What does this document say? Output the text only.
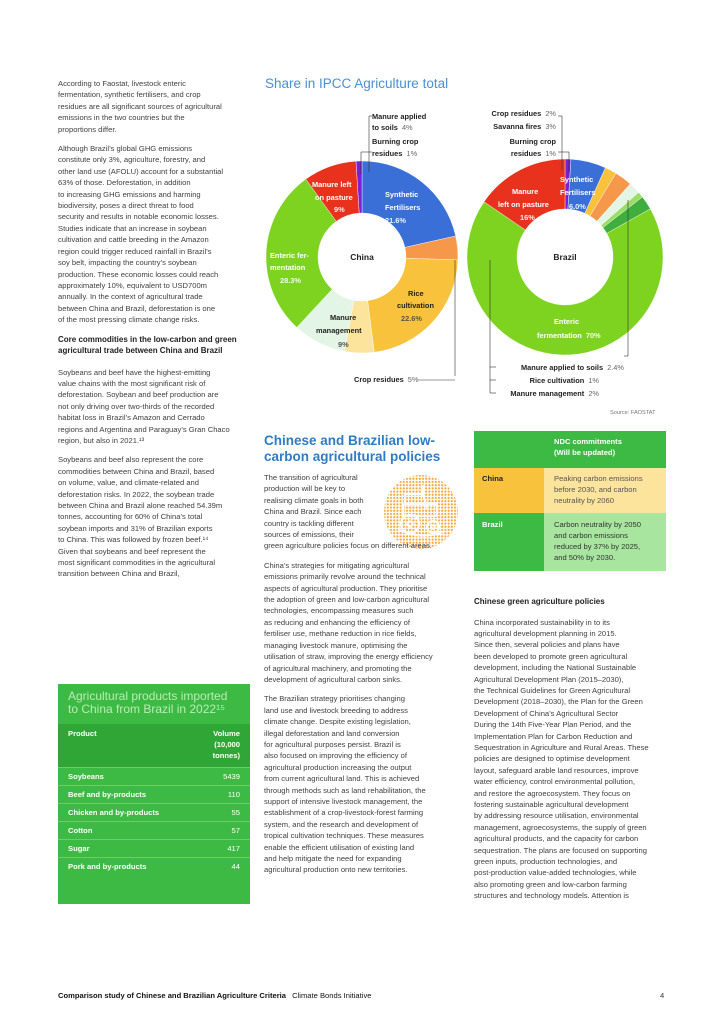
According to Faostat, livestock enteric
fermentation, synthetic fertilisers, and crop
residues are all significant sources of agricultural
emissions in the two countries but the
proportions differ.
Although Brazil’s global GHG emissions
constitute only 3%, agriculture, forestry, and
other land use (AFOLU) account for a substantial
63% of those. Deforestation, in addition
to increasing GHG emissions and harming
biodiversity, poses a direct threat to food
security and results in notable economic losses.
Studies indicate that an increase in soybean
cultivation and cattle breeding in the Amazon
region could trigger reduced rainfall in Brazil’s
soy belt, impacting the country’s soybean
production. These economic losses could reach
approximately 10%, equivalent to USD700m
annually. In the context of agricultural trade
between China and Brazil, deforestation is one
of the most pressing climate change risks.
Core commodities in the low-carbon and green
agricultural trade between China and Brazil
Soybeans and beef have the highest-emitting
value chains with the most significant risk of
deforestation. Soybean and beef production are
not only driving over two-thirds of the recorded
habitat loss in Brazil’s Amazon and Cerrado
regions and Argentina and Paraguay’s Gran Chaco
region, but also in 2021.¹³
Soybeans and beef also represent the core
commodities between China and Brazil, based
on volume, value, and climate-related and
deforestation risks. In 2022, the soybean trade
between China and Brazil alone reached 54.39m
tonnes, accounting for 60% of China’s total
soybean imports and 31% of Brazilian exports
to China. This was followed by frozen beef.¹⁴
Given that soybeans and beef represent the
most significant commodities in the agricultural
transition between China and Brazil,
Agricultural products imported
to China from Brazil in 2022¹⁵
Product	Volume
(10,000
tonnes)

Soybeans	5439
Beef and by-products	110
Chicken and by-products	55
Cotton	57
Sugar	417
Pork and by-products	44
Share in IPCC Agriculture total
China	Brazil
Manure applied to soils 4%
Burning crop residues 1%
Crop residues 5%
Manure left on pasture 9%
Synthetic Fertilisers 21.6%
Enteric fer- mentation 28.3%
Rice cultivation 22.6%
Manure management 9%
Crop residues 2%
Savanna fires 3%
Burning crop
residues 1%
Manure applied to soils 2.4%
Rice cultivation 1%
Manure management 2%
Manure left on pasture 16%
Synthetic Fertilisers 6.0%
Enteric fermentation 70%
Source: FAOSTAT
Chinese and Brazilian low-
carbon agricultural policies
The transition of agricultural
production will be key to
realising climate goals in both
China and Brazil. Since each
country is tackling different
sources of emissions, their
green agriculture policies focus on different areas.
China’s strategies for mitigating agricultural
emissions primarily revolve around the technical
aspects of agricultural production. They prioritise
the adoption of green and low-carbon agricultural
technologies, encompassing measures such
as reducing and enhancing the efficiency of
fertiliser use, methane reduction in rice fields,
managing livestock manure, optimising the
utilisation of straw, improving the energy efficiency
of agricultural machinery, and promoting the
development of agricultural carbon sinks.
The Brazilian strategy prioritises changing
land use and livestock breeding to address
climate change. Despite existing legislation,
illegal deforestation and land conversion
for agricultural purposes persist. Brazil is
also focused on improving the efficiency of
agricultural production increasing the output
from current agricultural land. This is achieved
through methods such as land rehabilitation, the
support of intensive livestock management, the
establishment of a crop-livestock-forest farming
system, and the research and development of
tropical cultivation techniques. These measures
enable the efficient utilisation of existing land
and help mitigate the need for expanding
agricultural production onto new territories.

	NDC commitments
(Will be updated)

China	Peaking carbon emissions
before 2030, and carbon
neutrality by 2060

Brazil	Carbon neutrality by 2050
and carbon emissions
reduced by 37% by 2025,
and 50% by 2030.
Chinese green agriculture policies
China incorporated sustainability in to its
agricultural development planning in 2015.
Since then, several policies and plans have
been developed to promote green agricultural
development, including the National Sustainable
Agricultural Development Plan (2015–2030),
the Technical Guidelines for Green Agricultural
Development (2018–2030), the Plan for the Green
Development of China’s Agricultural Sector
During the 14th Five-Year Plan Period, and the
Implementation Plan for Carbon Reduction and
Sequestration in Agriculture and Rural Areas. These
policies are designed to optimise development
layout, safeguard arable land resources, improve
water efficiency, control environmental pollution,
and restore the agroecosystem. They focus on
fostering sustainable agricultural development
by addressing resource utilisation, environmental
management, agroecosystems, the supply of green
agricultural products, and the capacity for carbon
sequestration. The plans are focused on supporting
green inputs, production technologies, and
post-production value-added technologies, while
also promoting green and low-carbon farming
structures and technology models. Attention is
Comparison study of Chinese and Brazilian Agriculture Criteria Climate Bonds Initiative	4
